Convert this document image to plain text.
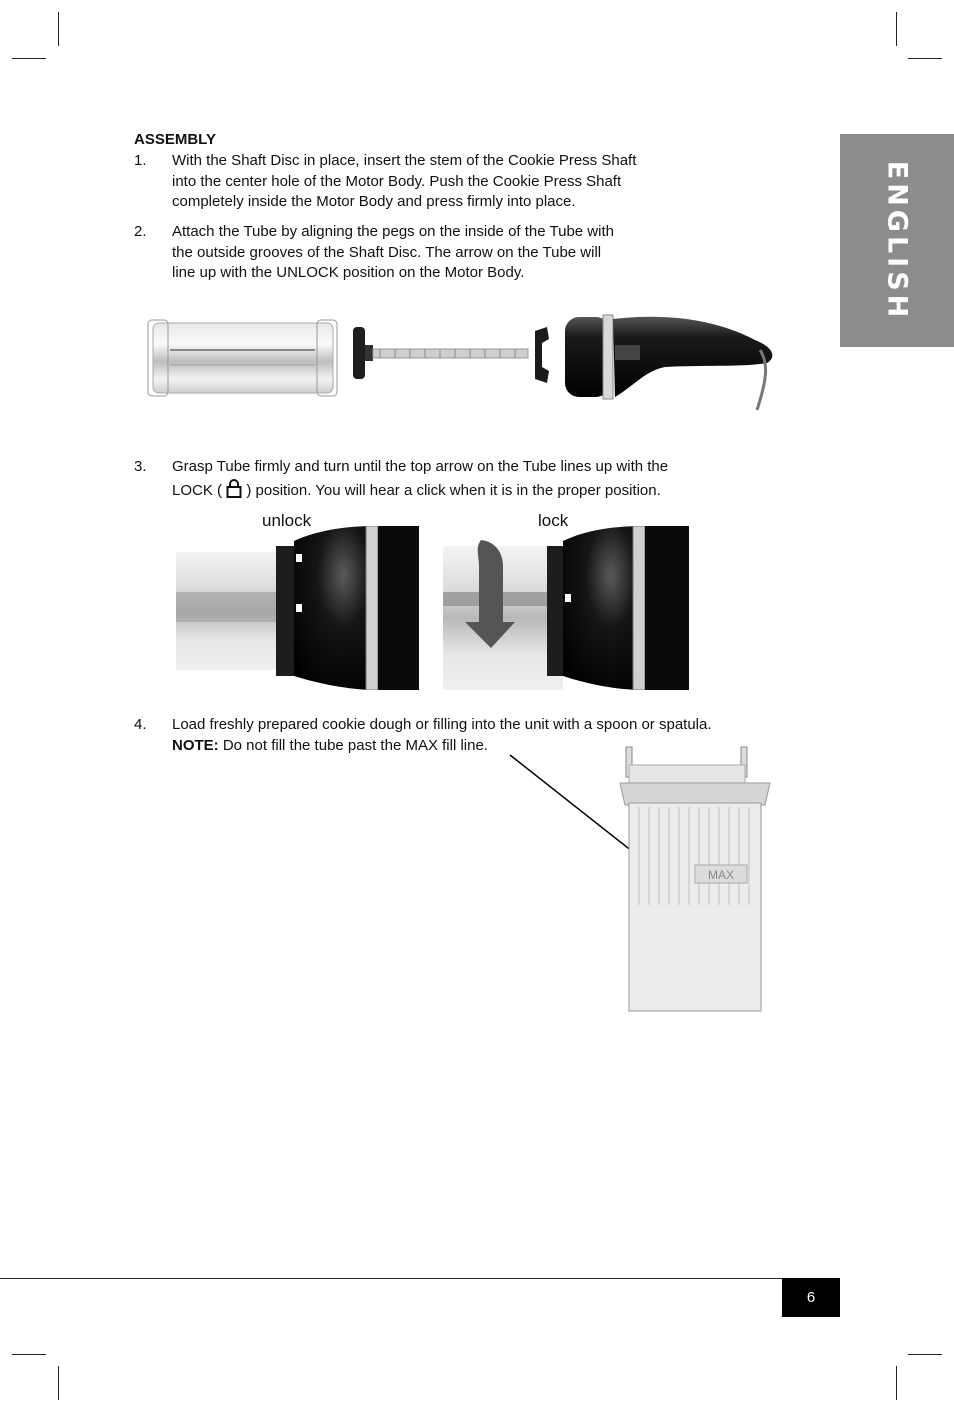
ENGLISH
ASSEMBLY
1.	With the Shaft Disc in place, insert the stem of the Cookie Press Shaft
into the center hole of the Motor Body. Push the Cookie Press Shaft
completely inside the Motor Body and press firmly into place.
2.	Attach the Tube by aligning the pegs on the inside of the Tube with
the outside grooves of the Shaft Disc. The arrow on the Tube will
line up with the UNLOCK position on the Motor Body.
3.	Grasp Tube firmly and turn until the top arrow on the Tube lines up with the
LOCK ( ) position. You will hear a click when it is in the proper position.
unlock	lock
4.	Load freshly prepared cookie dough or filling into the unit with a spoon or spatula.
NOTE: Do not fill the tube past the MAX fill line.
MAX
6
